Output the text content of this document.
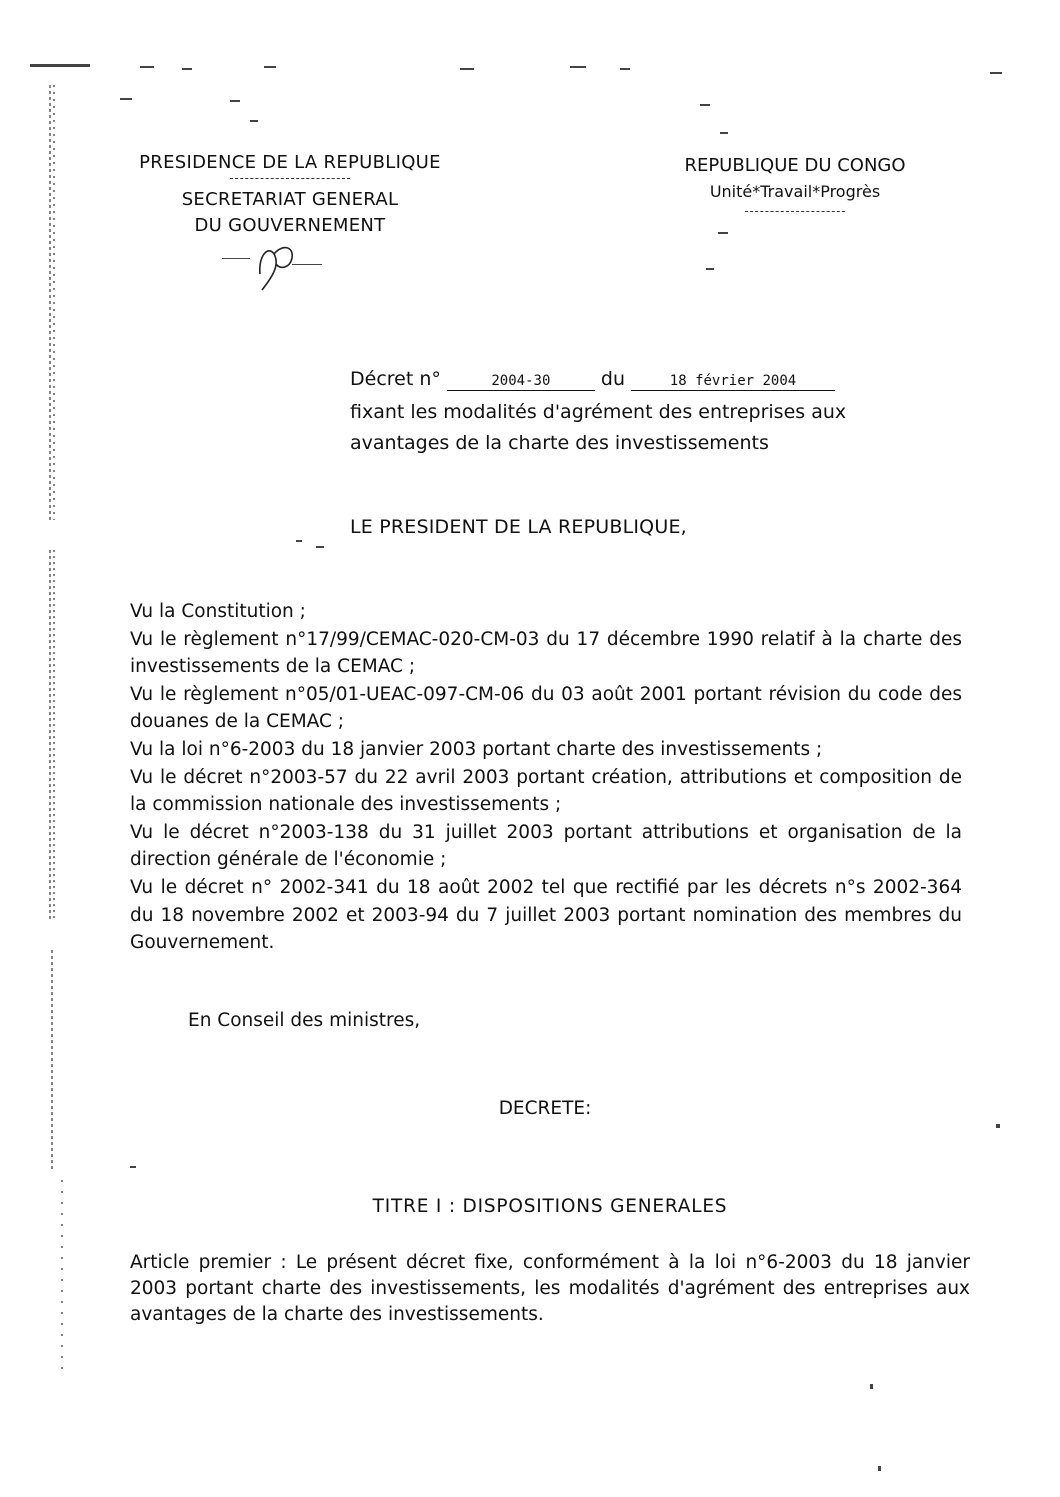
PRESIDENCE DE LA REPUBLIQUE

SECRETARIAT GENERAL

DU GOUVERNEMENT

REPUBLIQUE DU CONGO
Unité*Travail*Progrès
Décret n°	2004-30	du	18 février 2004
fixant les modalités d'agrément des entreprises aux
avantages de la charte des investissements
LE PRESIDENT DE LA REPUBLIQUE,

Vu la Constitution ;

Vu le règlement n°17/99/CEMAC-020-CM-03 du 17 décembre 1990 relatif à la charte des investissements de la CEMAC ;

Vu le règlement n°05/01-UEAC-097-CM-06 du 03 août 2001 portant révision du code des douanes de la CEMAC ;

Vu la loi n°6-2003 du 18 janvier 2003 portant charte des investissements ;

Vu le décret n°2003-57 du 22 avril 2003 portant création, attributions et composition de la commission nationale des investissements ;

Vu le décret n°2003-138 du 31 juillet 2003 portant attributions et organisation de la direction générale de l'économie ;

Vu le décret n° 2002-341 du 18 août 2002 tel que rectifié par les décrets n°s 2002-364 du 18 novembre 2002 et 2003-94 du 7 juillet 2003 portant nomination des membres du Gouvernement.

En Conseil des ministres,
DECRETE:
TITRE I : DISPOSITIONS GENERALES
Article premier : Le présent décret fixe, conformément à la loi n°6-2003 du 18 janvier 2003 portant charte des investissements, les modalités d'agrément des entreprises aux avantages de la charte des investissements.
